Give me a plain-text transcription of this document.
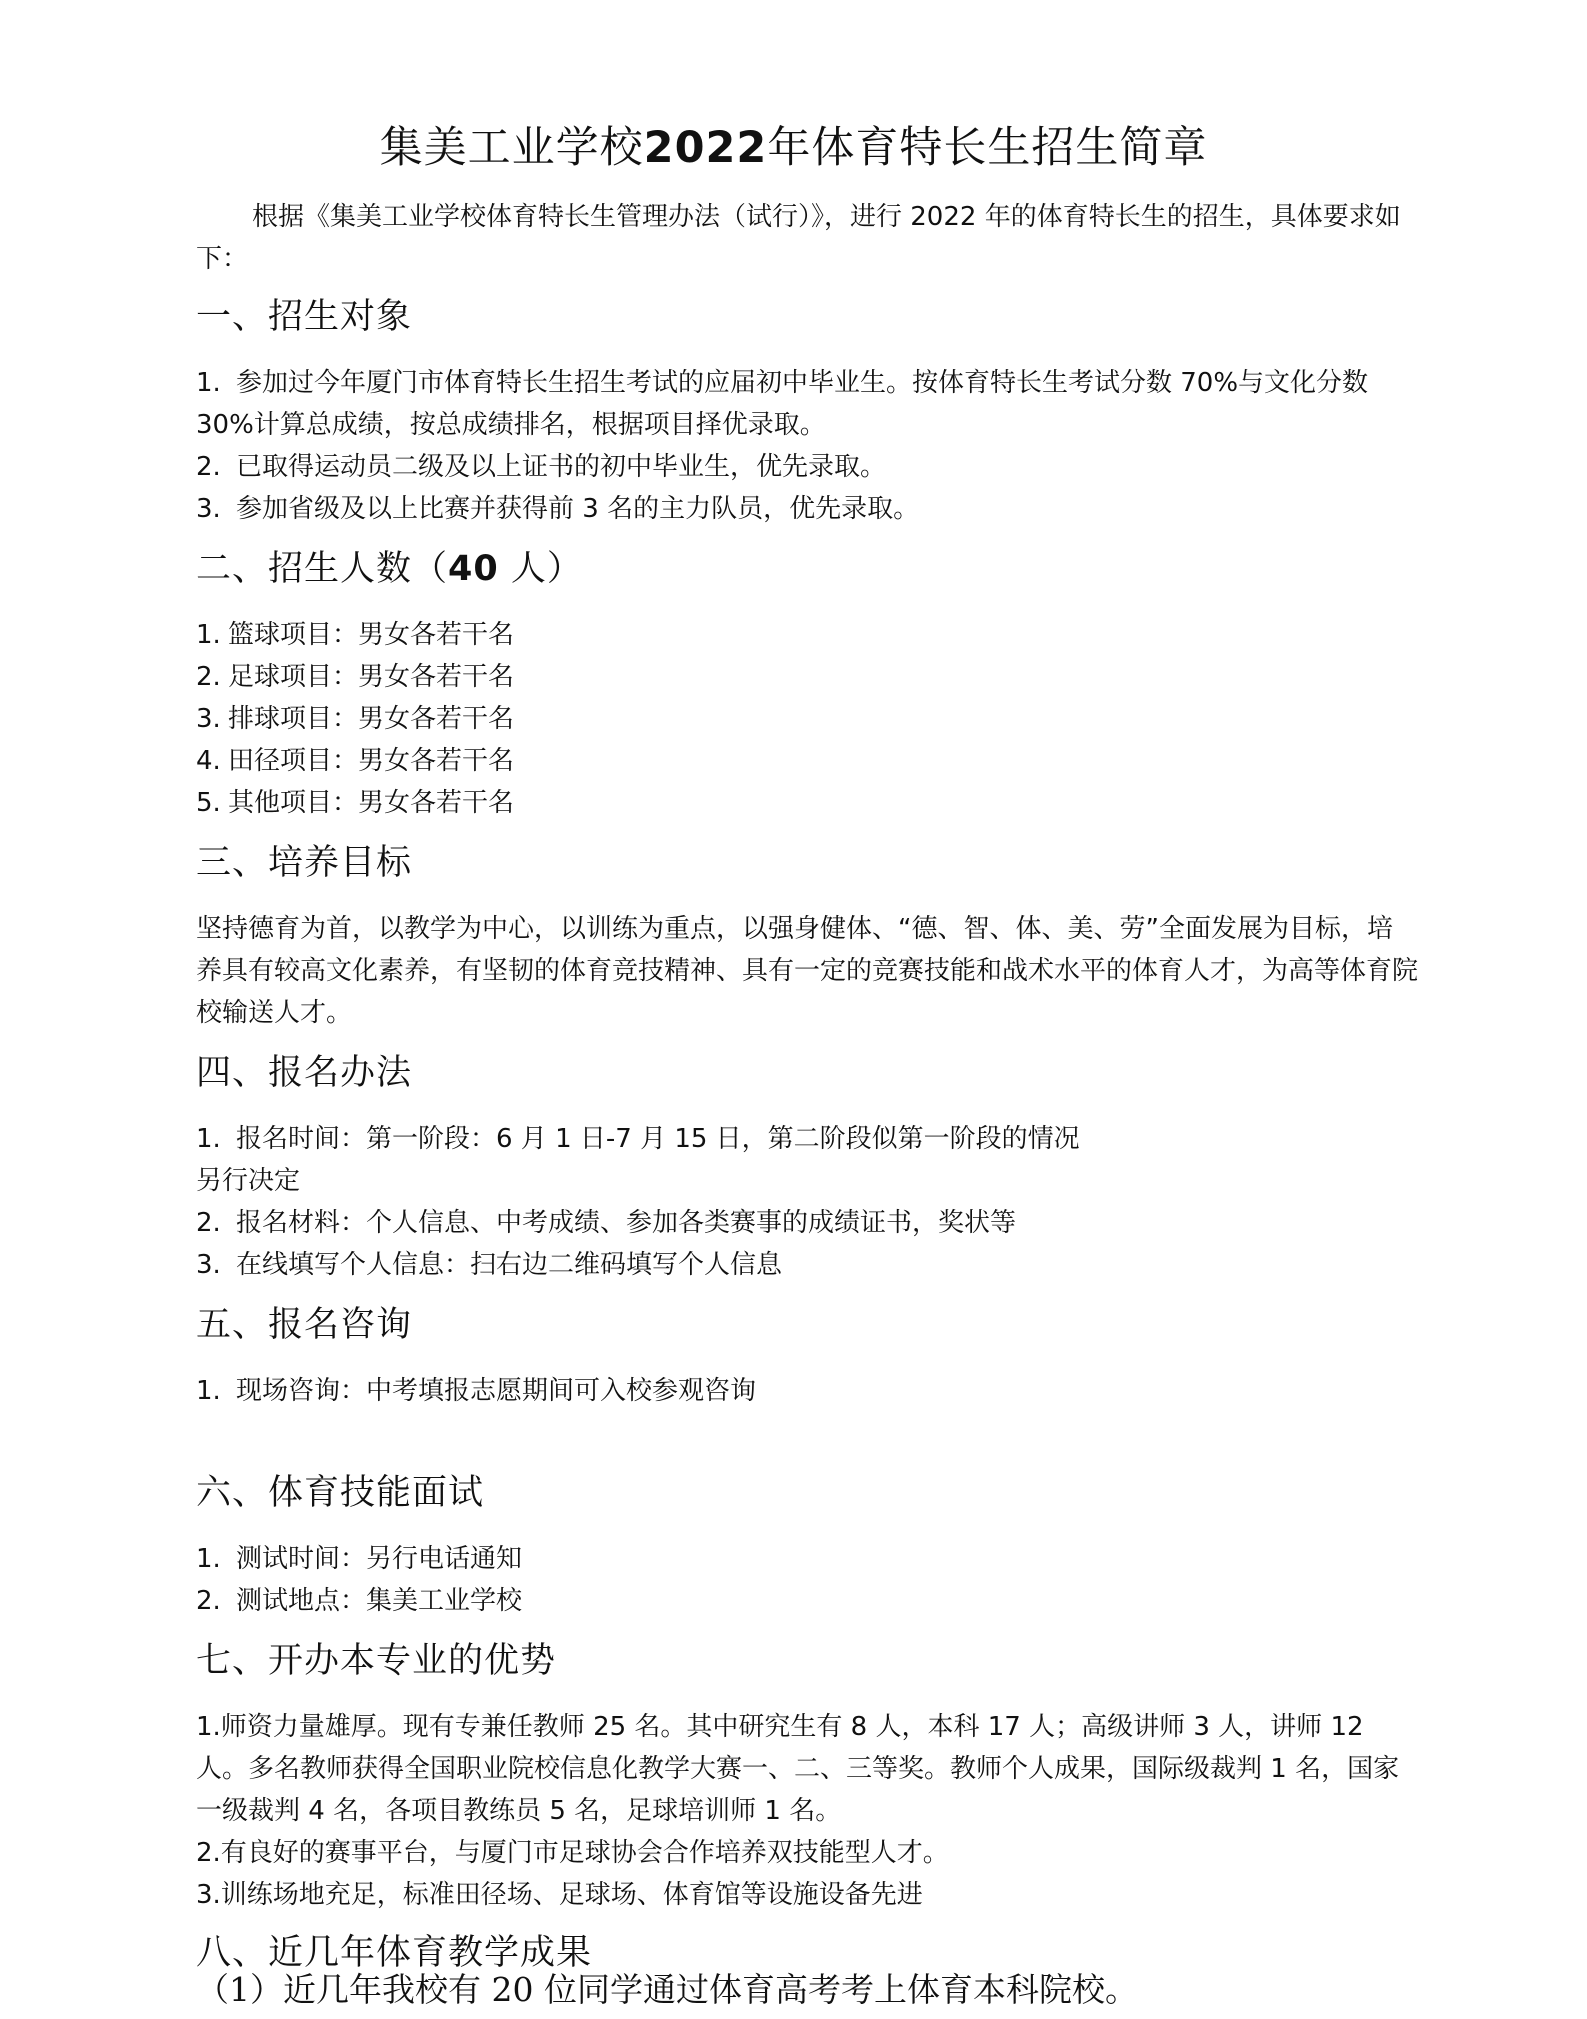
集美工业学校2022年体育特长生招生简章
根据《集美工业学校体育特长生管理办法（试行）》，进行 2022 年的体育特长生的招生，具体要求如下：
一、招生对象
1. 参加过今年厦门市体育特长生招生考试的应届初中毕业生。按体育特长生考试分数 70%与文化分数 30%计算总成绩，按总成绩排名，根据项目择优录取。
2. 已取得运动员二级及以上证书的初中毕业生，优先录取。
3. 参加省级及以上比赛并获得前 3 名的主力队员，优先录取。
二、招生人数（40 人）
1. 篮球项目：男女各若干名
2. 足球项目：男女各若干名
3. 排球项目：男女各若干名
4. 田径项目：男女各若干名
5. 其他项目：男女各若干名
三、培养目标
坚持德育为首，以教学为中心，以训练为重点，以强身健体、“德、智、体、美、劳”全面发展为目标，培养具有较高文化素养，有坚韧的体育竞技精神、具有一定的竞赛技能和战术水平的体育人才，为高等体育院校输送人才。
四、报名办法
1. 报名时间：第一阶段：6 月 1 日-7 月 15 日，第二阶段似第一阶段的情况
另行决定
2. 报名材料：个人信息、中考成绩、参加各类赛事的成绩证书，奖状等
3. 在线填写个人信息：扫右边二维码填写个人信息
五、报名咨询
1. 现场咨询：中考填报志愿期间可入校参观咨询
六、体育技能面试
1. 测试时间：另行电话通知
2. 测试地点：集美工业学校
七、开办本专业的优势
1.师资力量雄厚。现有专兼任教师 25 名。其中研究生有 8 人，本科 17 人；高级讲师 3 人，讲师 12 人。多名教师获得全国职业院校信息化教学大赛一、二、三等奖。教师个人成果，国际级裁判 1 名，国家一级裁判 4 名，各项目教练员 5 名，足球培训师 1 名。
2.有良好的赛事平台，与厦门市足球协会合作培养双技能型人才。
3.训练场地充足，标准田径场、足球场、体育馆等设施设备先进
八、近几年体育教学成果
（1）近几年我校有 20 位同学通过体育高考考上体育本科院校。
